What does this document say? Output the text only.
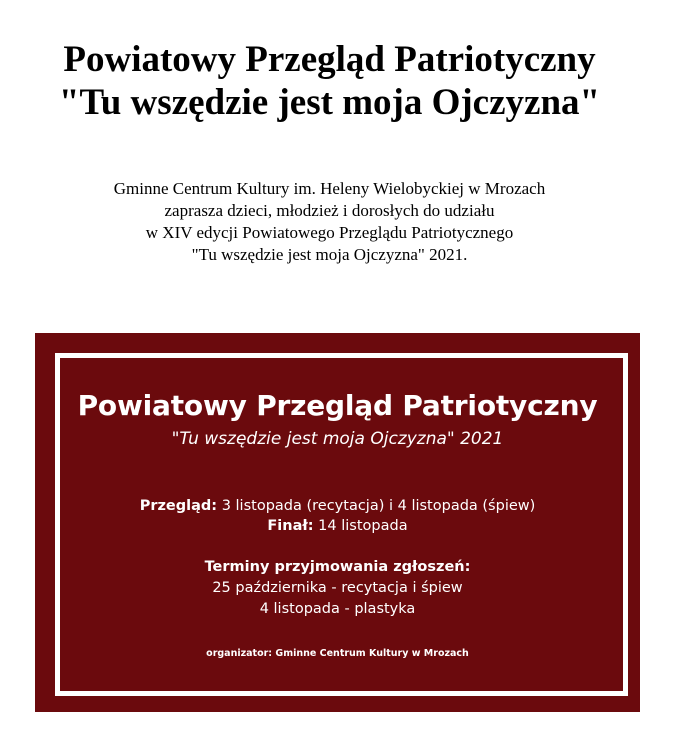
Powiatowy Przegląd Patriotyczny
"Tu wszędzie jest moja Ojczyzna"

Gminne Centrum Kultury im. Heleny Wielobyckiej w Mrozach
zaprasza dzieci, młodzież i dorosłych do udziału
w XIV edycji Powiatowego Przeglądu Patriotycznego
"Tu wszędzie jest moja Ojczyzna" 2021.

Powiatowy Przegląd Patriotyczny
"Tu wszędzie jest moja Ojczyzna" 2021
Przegląd: 3 listopada (recytacja) i 4 listopada (śpiew)
Finał: 14 listopada
Terminy przyjmowania zgłoszeń:
25 października - recytacja i śpiew
4 listopada - plastyka
organizator: Gminne Centrum Kultury w Mrozach
